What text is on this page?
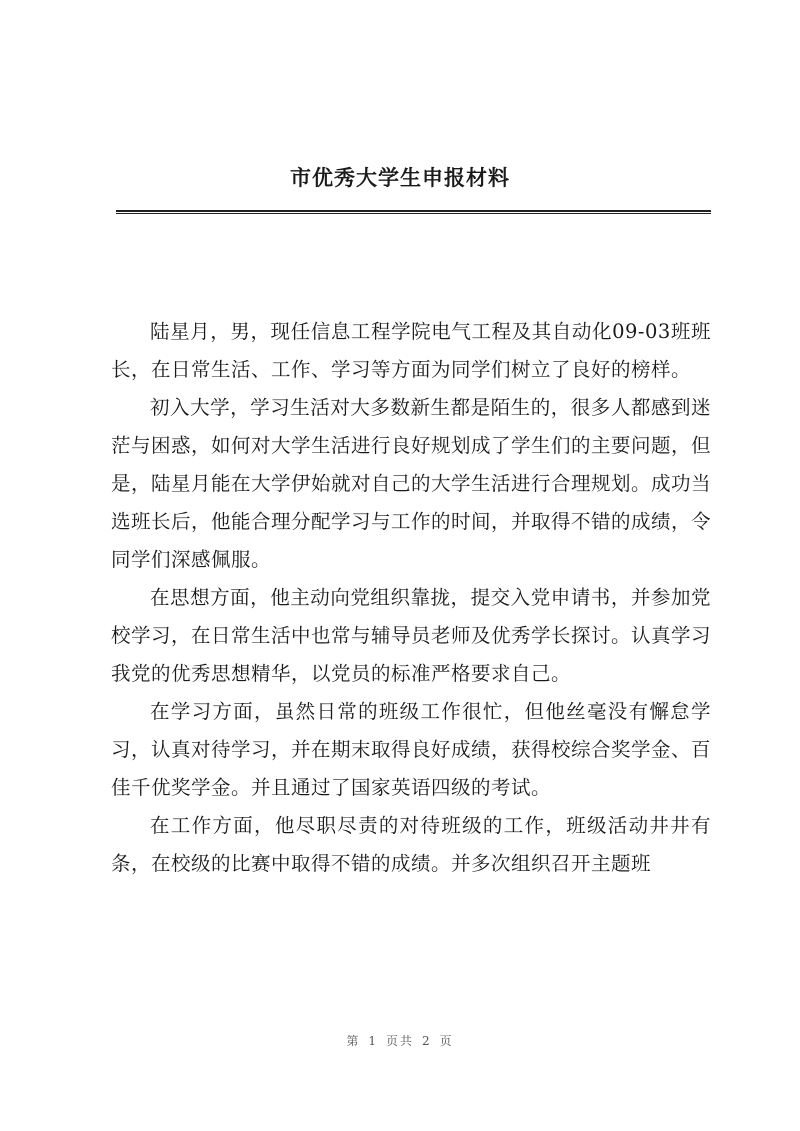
市优秀大学生申报材料

陆星月，男，现任信息工程学院电气工程及其自动化09-03班班长，在日常生活、工作、学习等方面为同学们树立了良好的榜样。

初入大学，学习生活对大多数新生都是陌生的，很多人都感到迷茫与困惑，如何对大学生活进行良好规划成了学生们的主要问题，但是，陆星月能在大学伊始就对自己的大学生活进行合理规划。成功当选班长后，他能合理分配学习与工作的时间，并取得不错的成绩，令同学们深感佩服。

在思想方面，他主动向党组织靠拢，提交入党申请书，并参加党校学习，在日常生活中也常与辅导员老师及优秀学长探讨。认真学习我党的优秀思想精华，以党员的标准严格要求自己。

在学习方面，虽然日常的班级工作很忙，但他丝毫没有懈怠学习，认真对待学习，并在期末取得良好成绩，获得校综合奖学金、百佳千优奖学金。并且通过了国家英语四级的考试。

在工作方面，他尽职尽责的对待班级的工作，班级活动井井有条，在校级的比赛中取得不错的成绩。并多次组织召开主题班

第 1 页共 2 页
